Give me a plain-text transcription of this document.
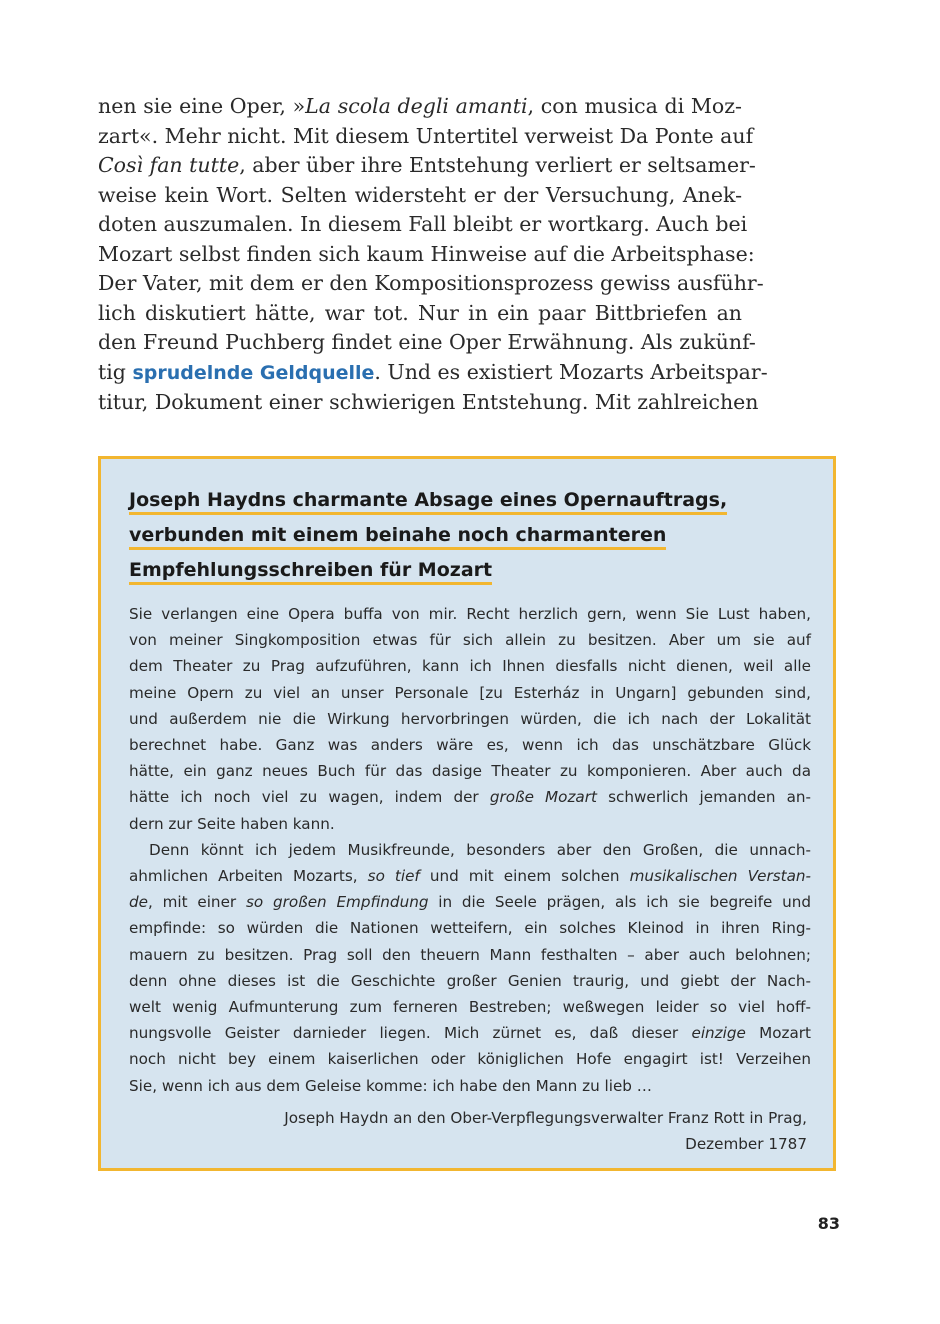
nen sie eine Oper, »La scola degli amanti, con musica di Moz-
zart«. Mehr nicht. Mit diesem Untertitel verweist Da Ponte auf
Così fan tutte, aber über ihre Entstehung verliert er seltsamer-
weise kein Wort. Selten widersteht er der Versuchung, Anek-
doten auszumalen. In diesem Fall bleibt er wortkarg. Auch bei
Mozart selbst finden sich kaum Hinweise auf die Arbeitsphase:
Der Vater, mit dem er den Kompositionsprozess gewiss ausführ-
lich diskutiert hätte, war tot. Nur in ein paar Bittbriefen an
den Freund Puchberg findet eine Oper Erwähnung. Als zukünf-
tig sprudelnde Geldquelle. Und es existiert Mozarts Arbeitspar-
titur, Dokument einer schwierigen Entstehung. Mit zahlreichen
Joseph Haydns charmante Absage eines Opernauftrags,
verbunden mit einem beinahe noch charmanteren
Empfehlungsschreiben für Mozart
Sie verlangen eine Opera buffa von mir. Recht herzlich gern, wenn Sie Lust haben,
von meiner Singkomposition etwas für sich allein zu besitzen. Aber um sie auf
dem Theater zu Prag aufzuführen, kann ich Ihnen diesfalls nicht dienen, weil alle
meine Opern zu viel an unser Personale [zu Esterház in Ungarn] gebunden sind,
und außerdem nie die Wirkung hervorbringen würden, die ich nach der Lokalität
berechnet habe. Ganz was anders wäre es, wenn ich das unschätzbare Glück
hätte, ein ganz neues Buch für das dasige Theater zu komponieren. Aber auch da
hätte ich noch viel zu wagen, indem der große Mozart schwerlich jemanden an-
dern zur Seite haben kann.
Denn könnt ich jedem Musikfreunde, besonders aber den Großen, die unnach-
ahmlichen Arbeiten Mozarts, so tief und mit einem solchen musikalischen Verstan-
de, mit einer so großen Empfindung in die Seele prägen, als ich sie begreife und
empfinde: so würden die Nationen wetteifern, ein solches Kleinod in ihren Ring-
mauern zu besitzen. Prag soll den theuern Mann festhalten – aber auch belohnen;
denn ohne dieses ist die Geschichte großer Genien traurig, und giebt der Nach-
welt wenig Aufmunterung zum ferneren Bestreben; weßwegen leider so viel hoff-
nungsvolle Geister darnieder liegen. Mich zürnet es, daß dieser einzige Mozart
noch nicht bey einem kaiserlichen oder königlichen Hofe engagirt ist! Verzeihen
Sie, wenn ich aus dem Geleise komme: ich habe den Mann zu lieb …
Joseph Haydn an den Ober-Verpflegungsverwalter Franz Rott in Prag,
Dezember 1787
83
